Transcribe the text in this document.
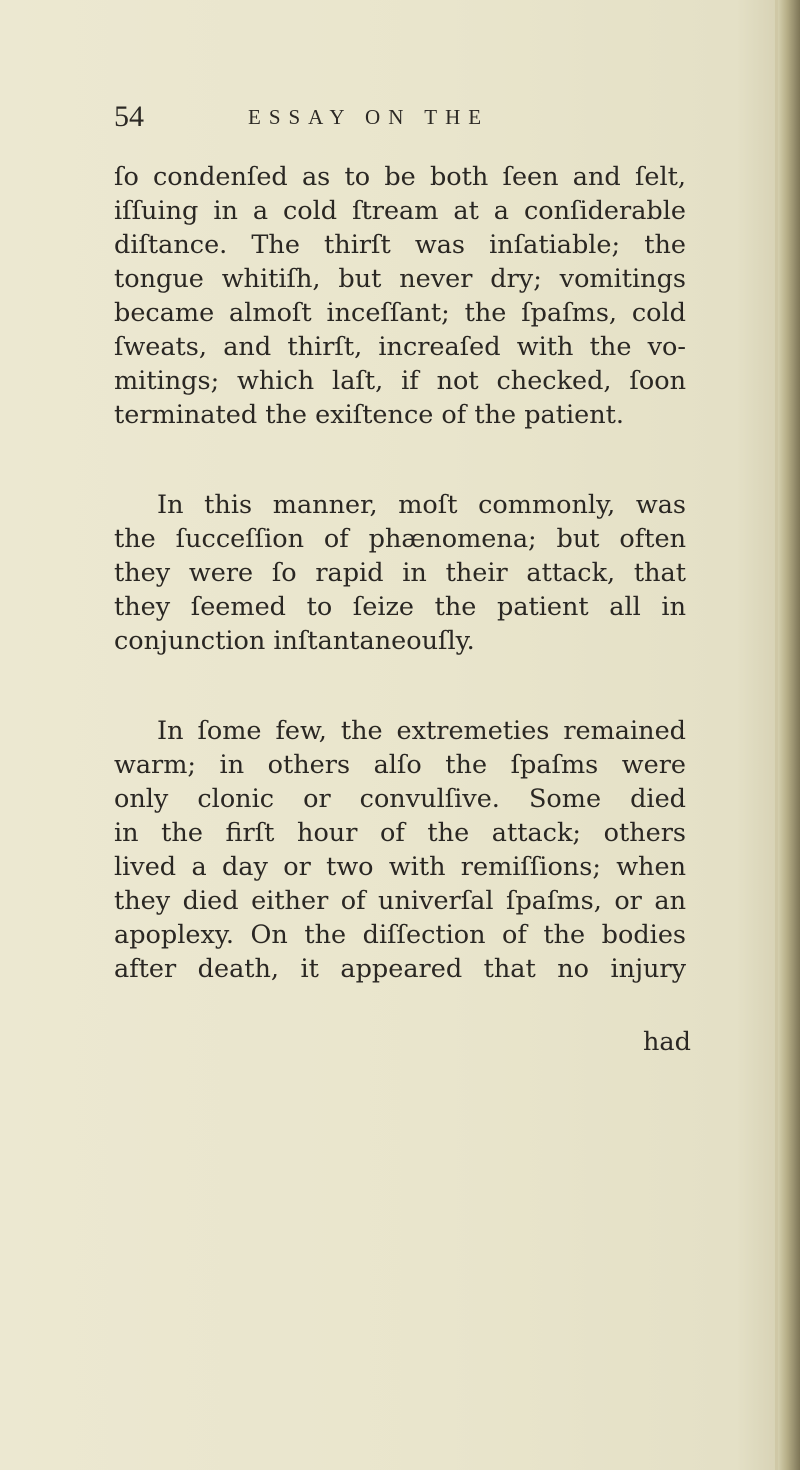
54	ESSAY ON THE
ſo condenſed as to be both ſeen and ſelt,
iſſuing in a cold ſtream at a conſiderable
diſtance. The thirſt was inſatiable; the
tongue whitiſh, but never dry; vomitings
became almoſt inceſſant; the ſpaſms, cold
ſweats, and thirſt, increaſed with the vo-
mitings; which laſt, if not checked, ſoon
terminated the exiſtence of the patient.
In this manner, moſt commonly, was
the ſucceſſion of phænomena; but often
they were ſo rapid in their attack, that
they ſeemed to ſeize the patient all in
conjunction inſtantaneouſly.
In ſome few, the extremeties remained
warm; in others alſo the ſpaſms were
only clonic or convulſive. Some died
in the firſt hour of the attack; others
lived a day or two with remiſſions; when
they died either of univerſal ſpaſms, or an
apoplexy. On the diſſection of the bodies
after death, it appeared that no injury
had
